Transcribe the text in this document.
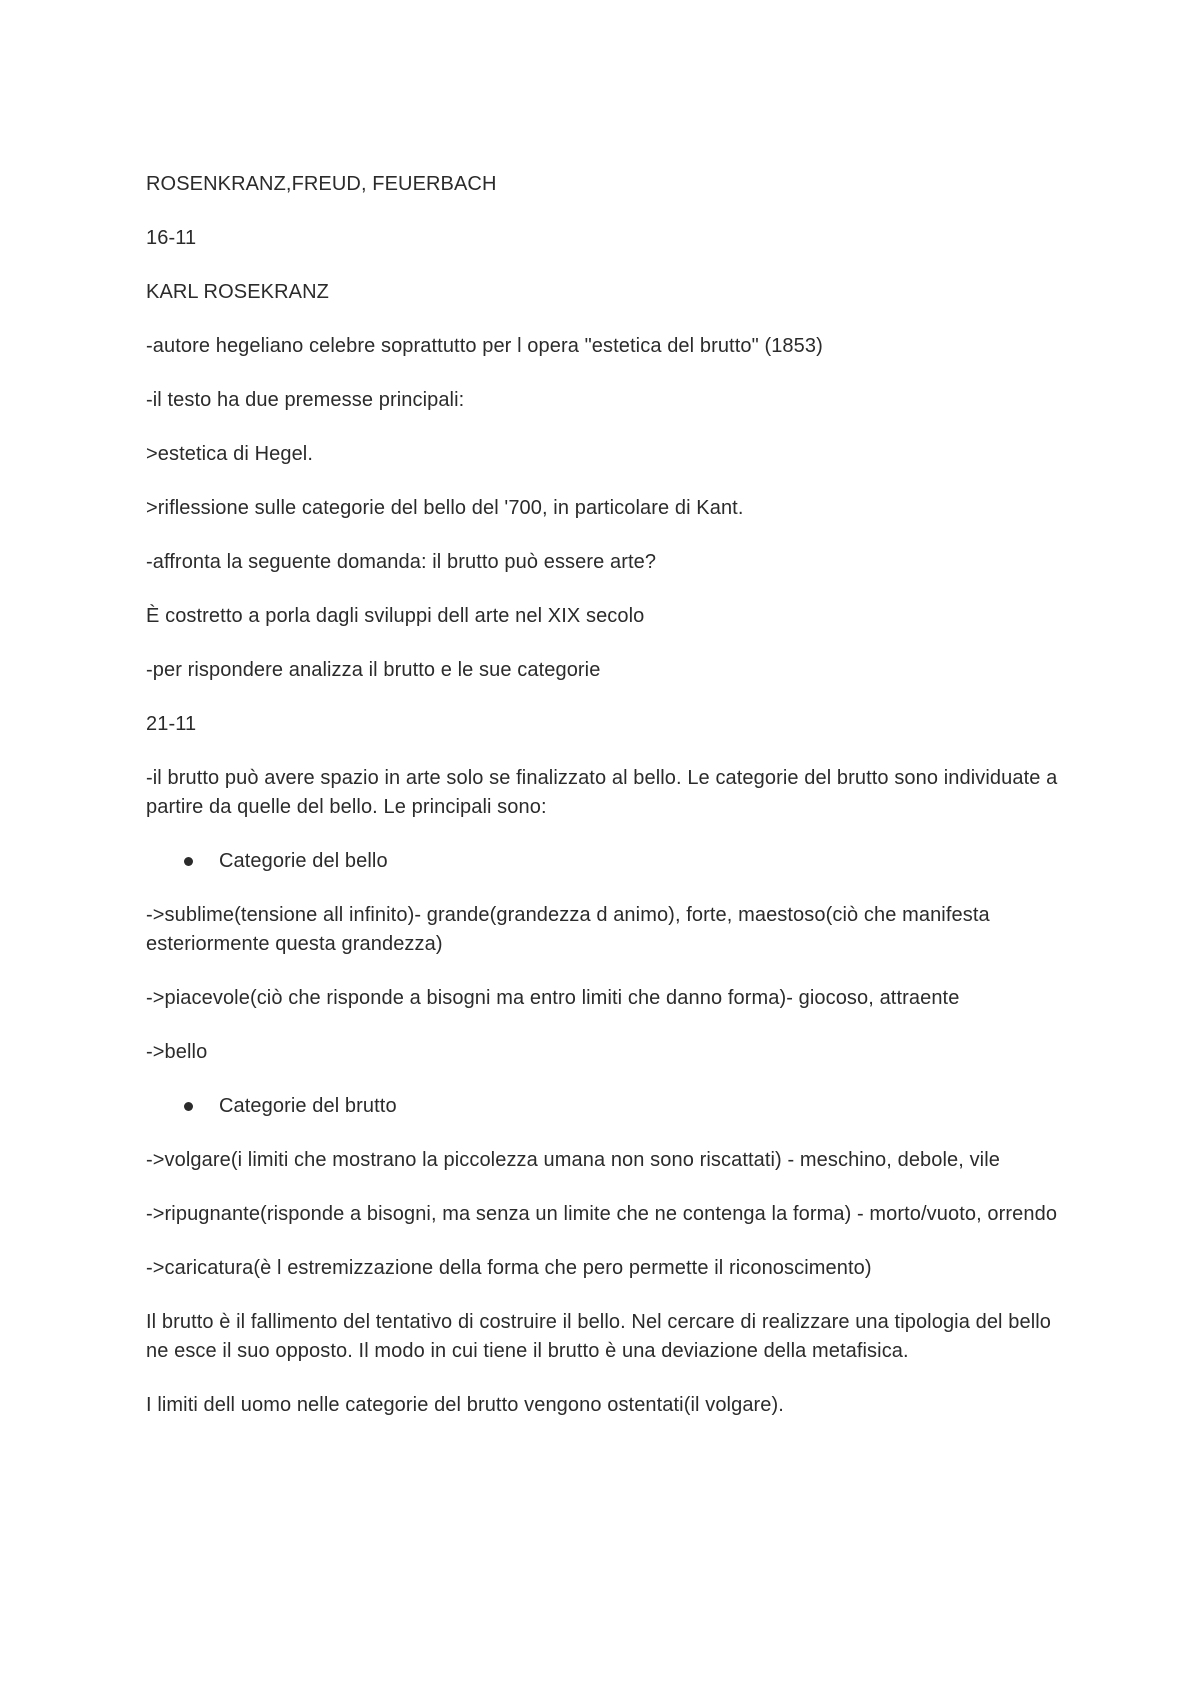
ROSENKRANZ,FREUD, FEUERBACH
16-11
KARL ROSEKRANZ
-autore hegeliano celebre soprattutto per l opera "estetica del brutto" (1853)
-il testo ha due premesse principali:
>estetica di Hegel.
>riflessione sulle categorie del bello del '700, in particolare di Kant.
-affronta la seguente domanda: il brutto può essere arte?
È costretto a porla dagli sviluppi dell arte nel XIX secolo
-per rispondere analizza il brutto e le sue categorie
21-11
-il brutto può avere spazio in arte solo se finalizzato al bello. Le categorie del brutto sono individuate a partire da quelle del bello. Le principali sono:
Categorie del bello
->sublime(tensione all infinito)- grande(grandezza d animo), forte, maestoso(ciò che manifesta esteriormente questa grandezza)
->piacevole(ciò che risponde a bisogni ma entro limiti che danno forma)- giocoso, attraente
->bello
Categorie del brutto
->volgare(i limiti che mostrano la piccolezza umana non sono riscattati) - meschino, debole, vile
->ripugnante(risponde a bisogni, ma senza un limite che ne contenga la forma) - morto/vuoto, orrendo
->caricatura(è l estremizzazione della forma che pero permette il riconoscimento)
Il brutto è il fallimento del tentativo di costruire il bello. Nel cercare di realizzare una tipologia del bello ne esce il suo opposto. Il modo in cui tiene il brutto è una deviazione della metafisica.
I limiti dell uomo nelle categorie del brutto vengono ostentati(il volgare).
